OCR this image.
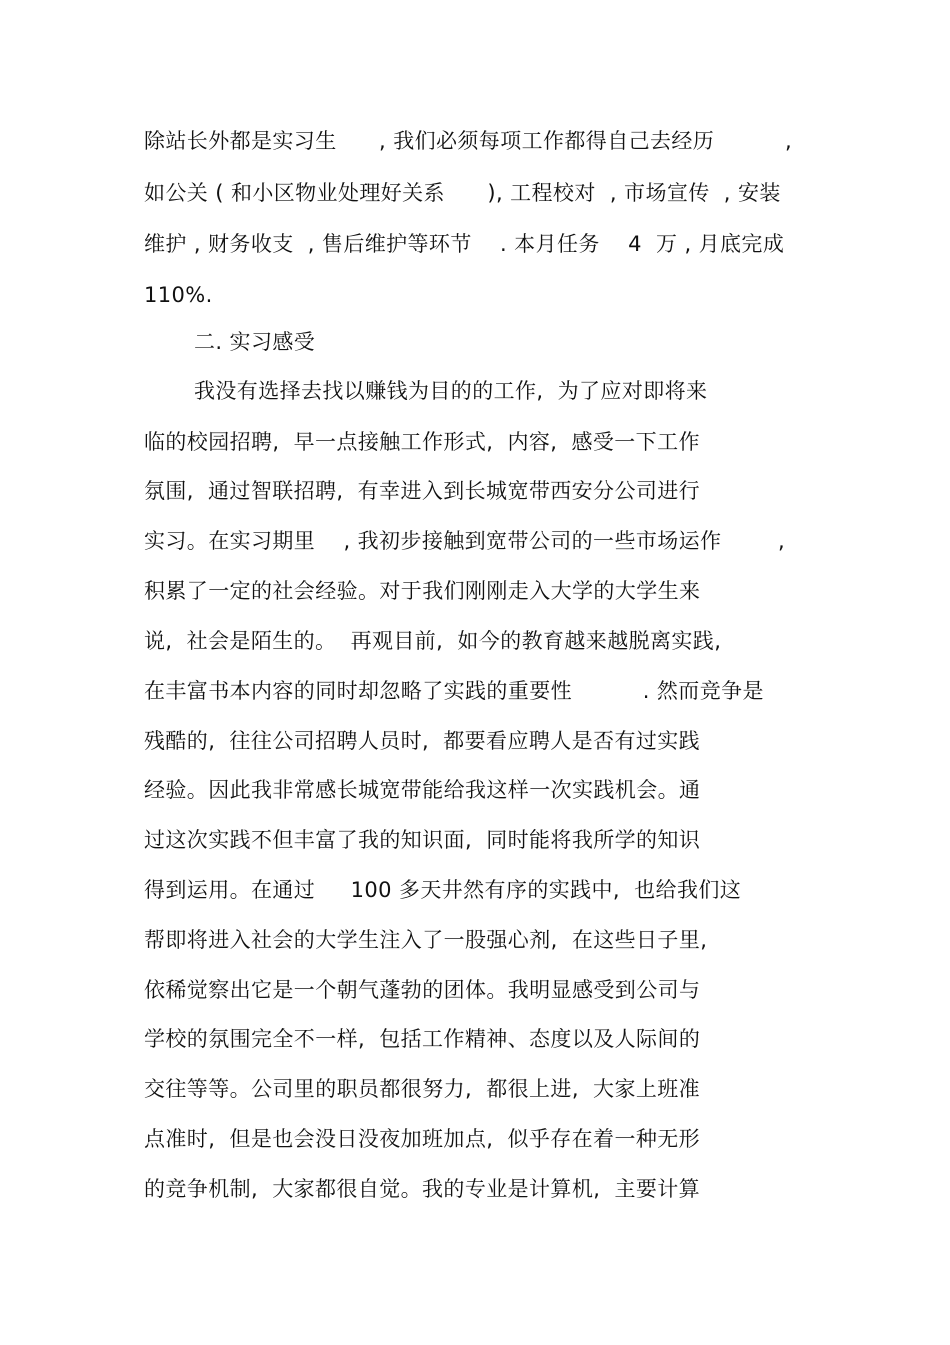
除站长外都是实习生      , 我们必须每项工作都得自己去经历          ,
如公关 ( 和小区物业处理好关系      ), 工程校对  , 市场宣传  , 安装
维护 , 财务收支  , 售后维护等环节    . 本月任务    4  万 , 月底完成
110%.
二. 实习感受
我没有选择去找以赚钱为目的的工作,  为了应对即将来
临的校园招聘,  早一点接触工作形式,  内容,  感受一下工作
氛围,  通过智联招聘,  有幸进入到长城宽带西安分公司进行
实习。在实习期里    , 我初步接触到宽带公司的一些市场运作        ,
积累了一定的社会经验。对于我们刚刚走入大学的大学生来
说,  社会是陌生的。  再观目前,  如今的教育越来越脱离实践,
在丰富书本内容的同时却忽略了实践的重要性          . 然而竞争是
残酷的,  往往公司招聘人员时,  都要看应聘人是否有过实践
经验。因此我非常感长城宽带能给我这样一次实践机会。通
过这次实践不但丰富了我的知识面,  同时能将我所学的知识
得到运用。在通过     100 多天井然有序的实践中,  也给我们这
帮即将进入社会的大学生注入了一股强心剂,  在这些日子里,
依稀觉察出它是一个朝气蓬勃的团体。我明显感受到公司与
学校的氛围完全不一样,  包括工作精神、态度以及人际间的
交往等等。公司里的职员都很努力,  都很上进,  大家上班准
点准时,  但是也会没日没夜加班加点,  似乎存在着一种无形
的竞争机制,  大家都很自觉。我的专业是计算机,  主要计算
